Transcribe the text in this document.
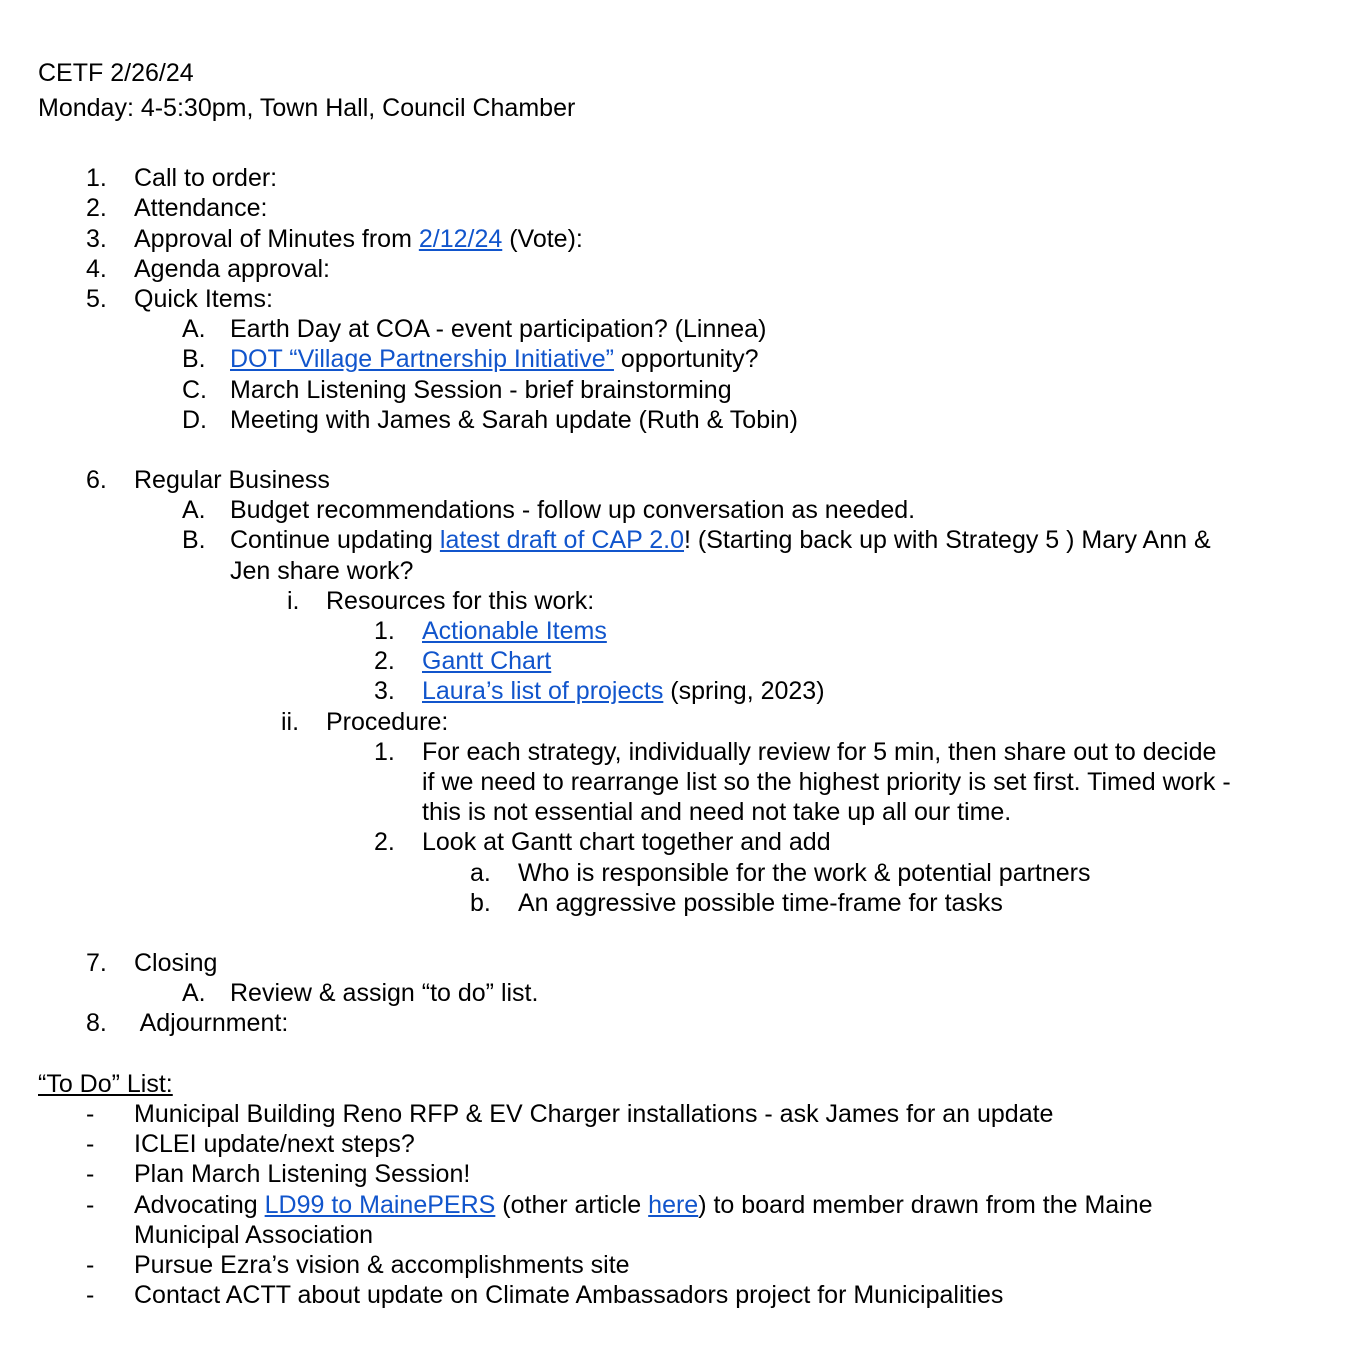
CETF 2/26/24
Monday: 4-5:30pm, Town Hall, Council Chamber
1. Call to order:
2. Attendance:
3. Approval of Minutes from 2/12/24 (Vote):
4. Agenda approval:
5. Quick Items:
A. Earth Day at COA - event participation? (Linnea)
B. DOT “Village Partnership Initiative” opportunity?
C. March Listening Session - brief brainstorming
D. Meeting with James & Sarah update (Ruth & Tobin)
6. Regular Business
A. Budget recommendations - follow up conversation as needed.
B. Continue updating latest draft of CAP 2.0! (Starting back up with Strategy 5 ) Mary Ann &
Jen share work?
i. Resources for this work:
1. Actionable Items
2. Gantt Chart
3. Laura’s list of projects (spring, 2023)
ii. Procedure:
1. For each strategy, individually review for 5 min, then share out to decide
if we need to rearrange list so the highest priority is set first. Timed work -
this is not essential and need not take up all our time.
2. Look at Gantt chart together and add
a. Who is responsible for the work & potential partners
b. An aggressive possible time-frame for tasks
7. Closing
A. Review & assign “to do” list.
8. Adjournment:
“To Do” List:
- Municipal Building Reno RFP & EV Charger installations - ask James for an update
- ICLEI update/next steps?
- Plan March Listening Session!
- Advocating LD99 to MainePERS (other article here) to board member drawn from the Maine
Municipal Association
- Pursue Ezra’s vision & accomplishments site
- Contact ACTT about update on Climate Ambassadors project for Municipalities
